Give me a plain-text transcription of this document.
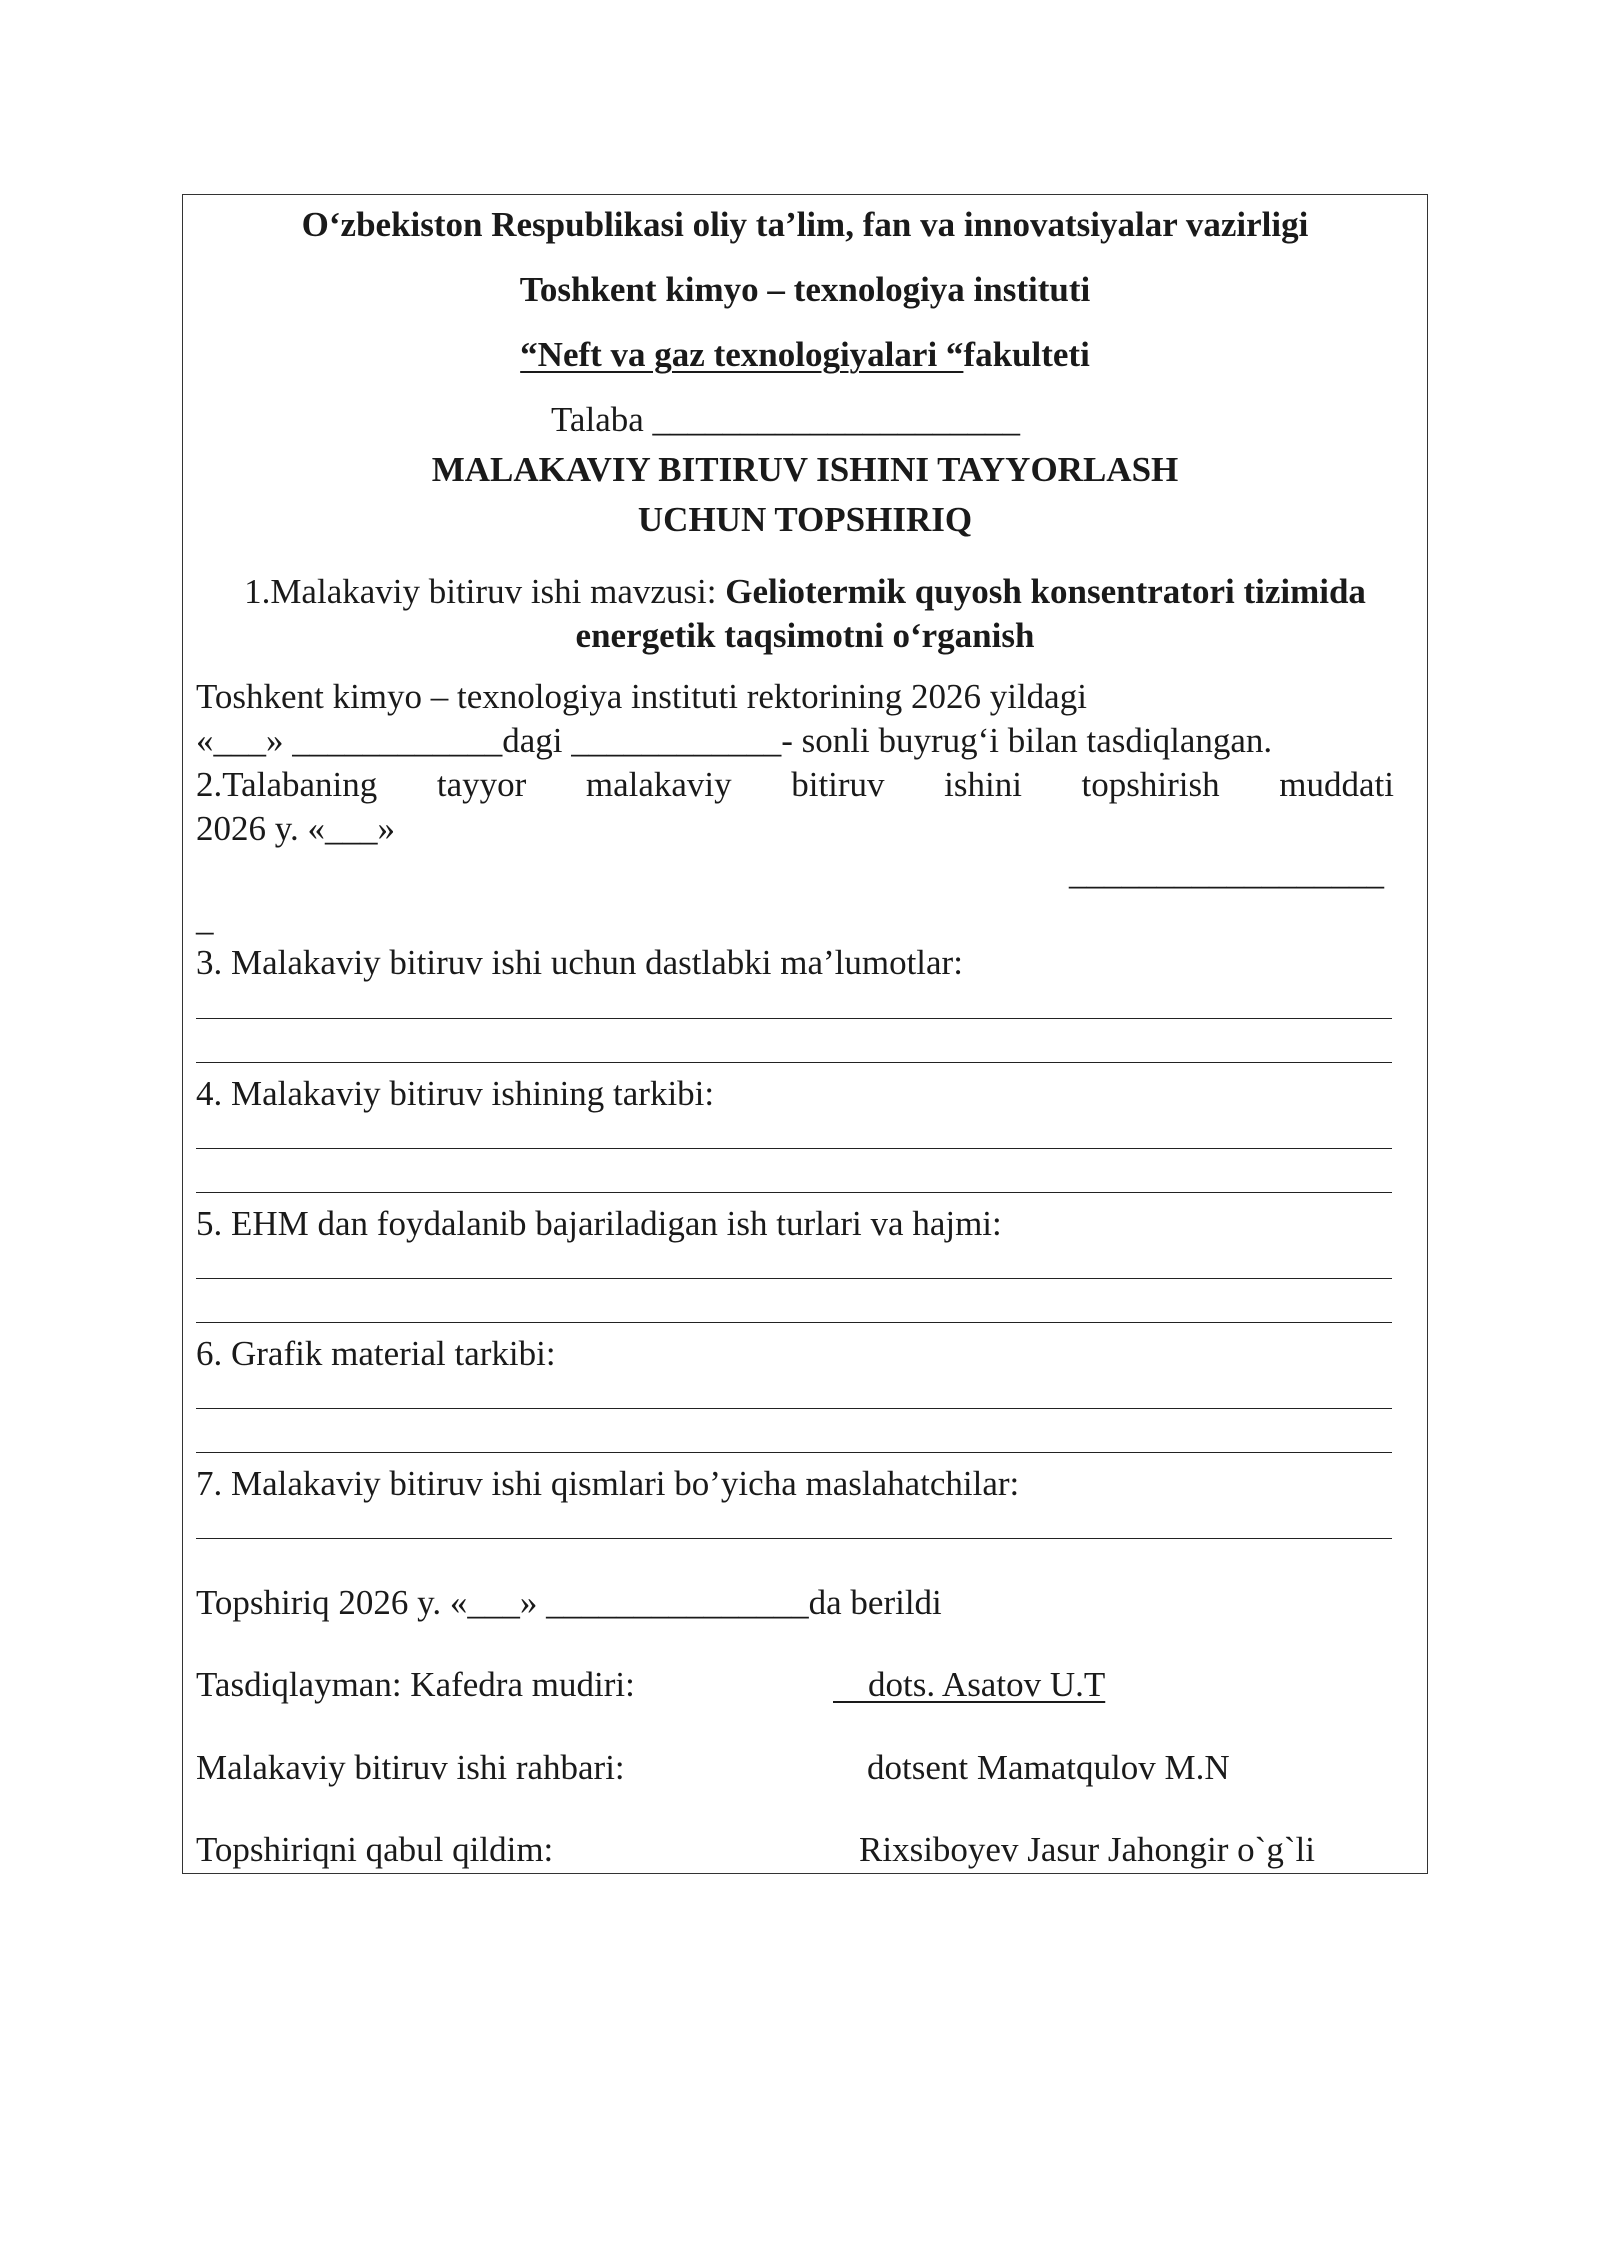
O‘zbekiston Respublikasi oliy ta’lim, fan va innovatsiyalar vazirligi
Toshkent kimyo – texnologiya instituti
“Neft va gaz texnologiyalari “fakulteti
Talaba _____________________
MALAKAVIY BITIRUV ISHINI TAYYORLASH
UCHUN TOPSHIRIQ
1.Malakaviy bitiruv ishi mavzusi: Geliotermik quyosh konsentratori tizimida
energetik taqsimotni o‘rganish
Toshkent kimyo – texnologiya instituti rektorining 2026 yildagi
«___» ____________dagi ____________- sonli buyrug‘i bilan tasdiqlangan.
2.Talabaning tayyor malakaviy bitiruv ishini topshirish muddati
2026 y. «___»
__________________
_
3. Malakaviy bitiruv ishi uchun dastlabki ma’lumotlar:
4. Malakaviy bitiruv ishining tarkibi:
5. EHM dan foydalanib bajariladigan ish turlari va hajmi:
6. Grafik material tarkibi:
7. Malakaviy bitiruv ishi qismlari bo’yicha maslahatchilar:
Topshiriq 2026 y. «___» _______________da berildi
Tasdiqlayman: Kafedra mudiri:	dots. Asatov U.T
Malakaviy bitiruv ishi rahbari:	dotsent Mamatqulov M.N
Topshiriqni qabul qildim:	Rixsiboyev Jasur Jahongir o`g`li
